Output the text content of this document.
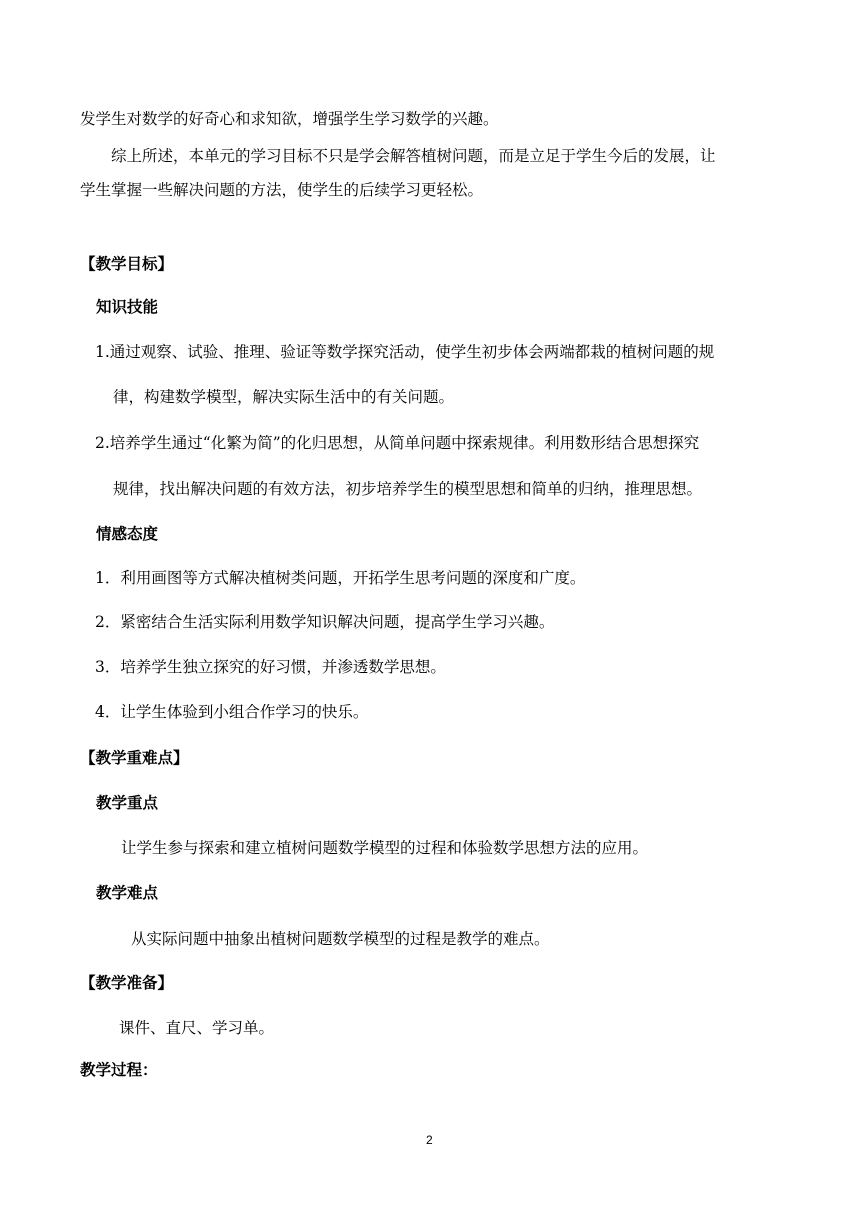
发学生对数学的好奇心和求知欲，增强学生学习数学的兴趣。
综上所述，本单元的学习目标不只是学会解答植树问题，而是立足于学生今后的发展，让
学生掌握一些解决问题的方法，使学生的后续学习更轻松。
【教学目标】
知识技能
1.通过观察、试验、推理、验证等数学探究活动，使学生初步体会两端都栽的植树问题的规
律，构建数学模型，解决实际生活中的有关问题。
2.培养学生通过“化繁为简”的化归思想，从简单问题中探索规律。利用数形结合思想探究
规律，找出解决问题的有效方法，初步培养学生的模型思想和简单的归纳，推理思想。
情感态度
1．利用画图等方式解决植树类问题，开拓学生思考问题的深度和广度。
2．紧密结合生活实际利用数学知识解决问题，提高学生学习兴趣。
3．培养学生独立探究的好习惯，并渗透数学思想。
4．让学生体验到小组合作学习的快乐。
【教学重难点】
教学重点
让学生参与探索和建立植树问题数学模型的过程和体验数学思想方法的应用。
教学难点
从实际问题中抽象出植树问题数学模型的过程是教学的难点。
【教学准备】
课件、直尺、学习单。
教学过程：
2
